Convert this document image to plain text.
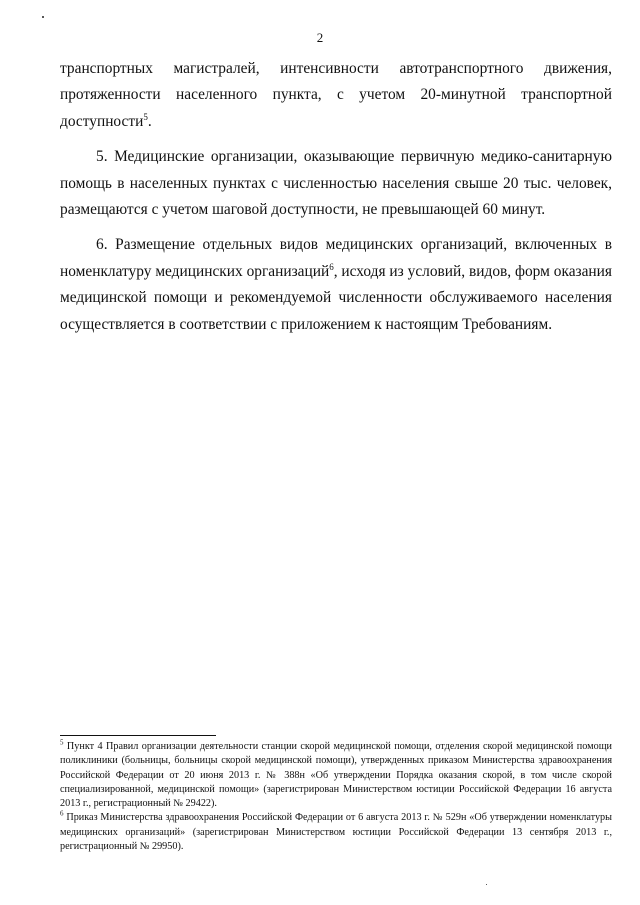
2

транспортных магистралей, интенсивности автотранспортного движения, протяженности населенного пункта, с учетом 20-минутной транспортной доступности$^5$.

5. Медицинские организации, оказывающие первичную медико-санитарную помощь в населенных пунктах с численностью населения свыше 20 тыс. человек, размещаются с учетом шаговой доступности, не превышающей 60 минут.

6. Размещение отдельных видов медицинских организаций, включенных в номенклатуру медицинских организаций$^6$, исходя из условий, видов, форм оказания медицинской помощи и рекомендуемой численности обслуживаемого населения осуществляется в соответствии с приложением к настоящим Требованиям.

$^5$ Пункт 4 Правил организации деятельности станции скорой медицинской помощи, отделения скорой медицинской помощи поликлиники (больницы, больницы скорой медицинской помощи), утвержденных приказом Министерства здравоохранения Российской Федерации от 20 июня 2013 г. № 388н «Об утверждении Порядка оказания скорой, в том числе скорой специализированной, медицинской помощи» (зарегистрирован Министерством юстиции Российской Федерации 16 августа 2013 г., регистрационный № 29422).

$^6$ Приказ Министерства здравоохранения Российской Федерации от 6 августа 2013 г. № 529н «Об утверждении номенклатуры медицинских организаций» (зарегистрирован Министерством юстиции Российской Федерации 13 сентября 2013 г., регистрационный № 29950).
